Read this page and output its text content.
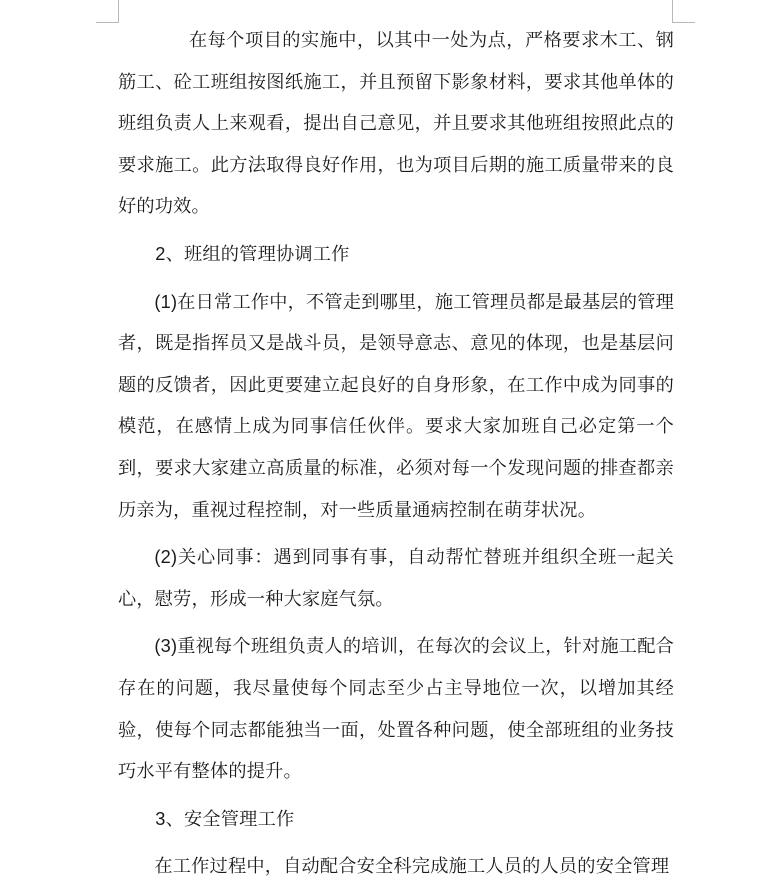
在每个项目的实施中，以其中一处为点，严格要求木工、钢筋工、砼工班组按图纸施工，并且预留下影象材料，要求其他单体的班组负责人上来观看，提出自己意见，并且要求其他班组按照此点的要求施工。此方法取得良好作用，也为项目后期的施工质量带来的良好的功效。

2、班组的管理协调工作

(1)在日常工作中，不管走到哪里，施工管理员都是最基层的管理者，既是指挥员又是战斗员，是领导意志、意见的体现，也是基层问题的反馈者，因此更要建立起良好的自身形象，在工作中成为同事的模范，在感情上成为同事信任伙伴。要求大家加班自己必定第一个到，要求大家建立高质量的标准，必须对每一个发现问题的排查都亲历亲为，重视过程控制，对一些质量通病控制在萌芽状况。

(2)关心同事：遇到同事有事，自动帮忙替班并组织全班一起关心，慰劳，形成一种大家庭气氛。

(3)重视每个班组负责人的培训，在每次的会议上，针对施工配合存在的问题，我尽量使每个同志至少占主导地位一次，以增加其经验，使每个同志都能独当一面，处置各种问题，使全部班组的业务技巧水平有整体的提升。

3、安全管理工作

在工作过程中，自动配合安全科完成施工人员的人员的安全管理
